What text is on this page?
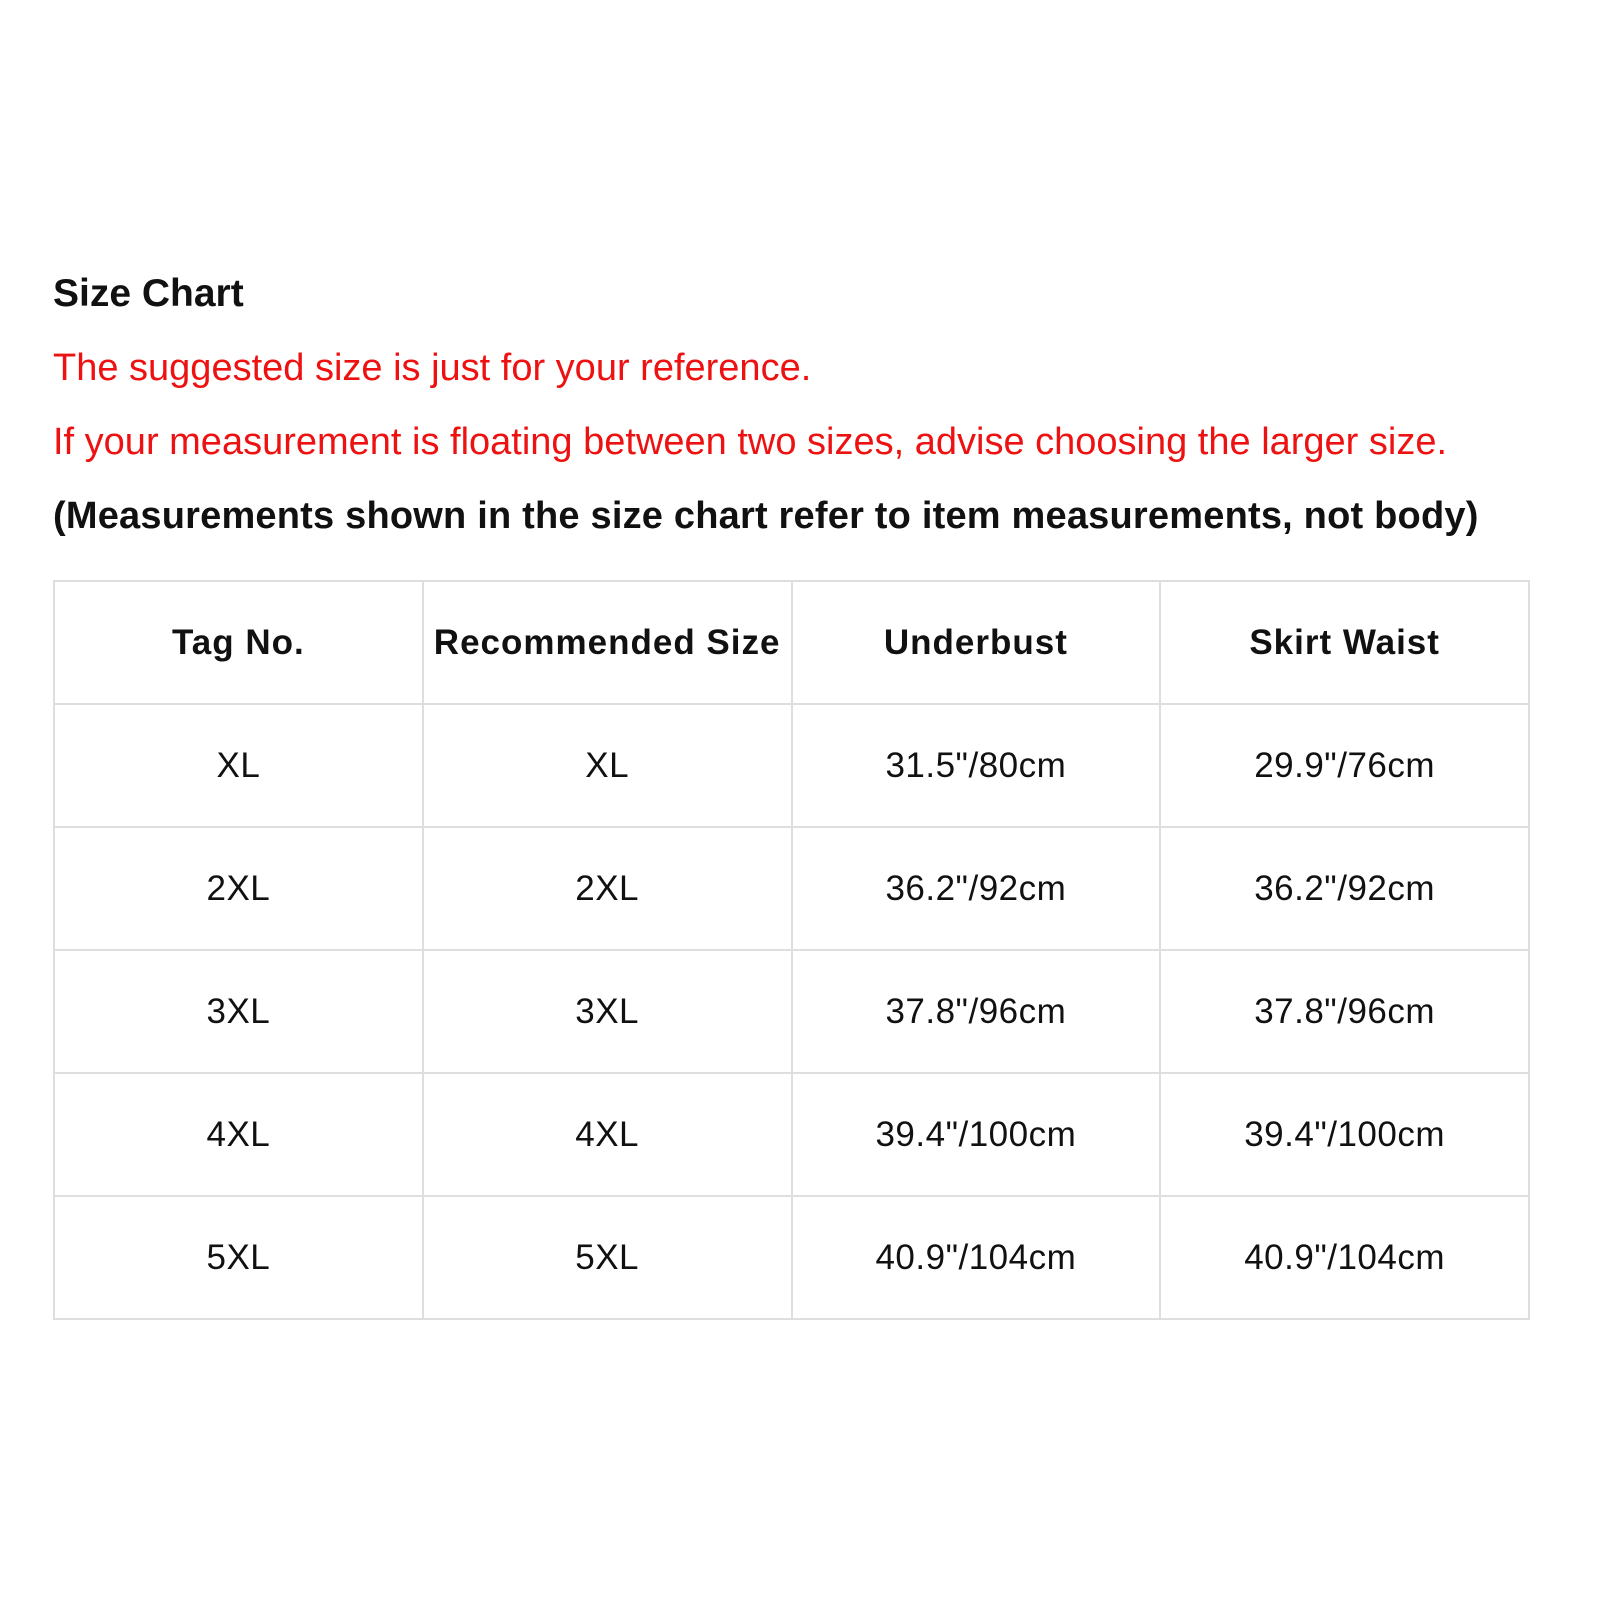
Size Chart

The suggested size is just for your reference.

If your measurement is floating between two sizes, advise choosing the larger size.

(Measurements shown in the size chart refer to item measurements, not body)

Tag No.	Recommended Size	Underbust	Skirt Waist
XL	XL	31.5"/80cm	29.9"/76cm
2XL	2XL	36.2"/92cm	36.2"/92cm
3XL	3XL	37.8"/96cm	37.8"/96cm
4XL	4XL	39.4"/100cm	39.4"/100cm
5XL	5XL	40.9"/104cm	40.9"/104cm
